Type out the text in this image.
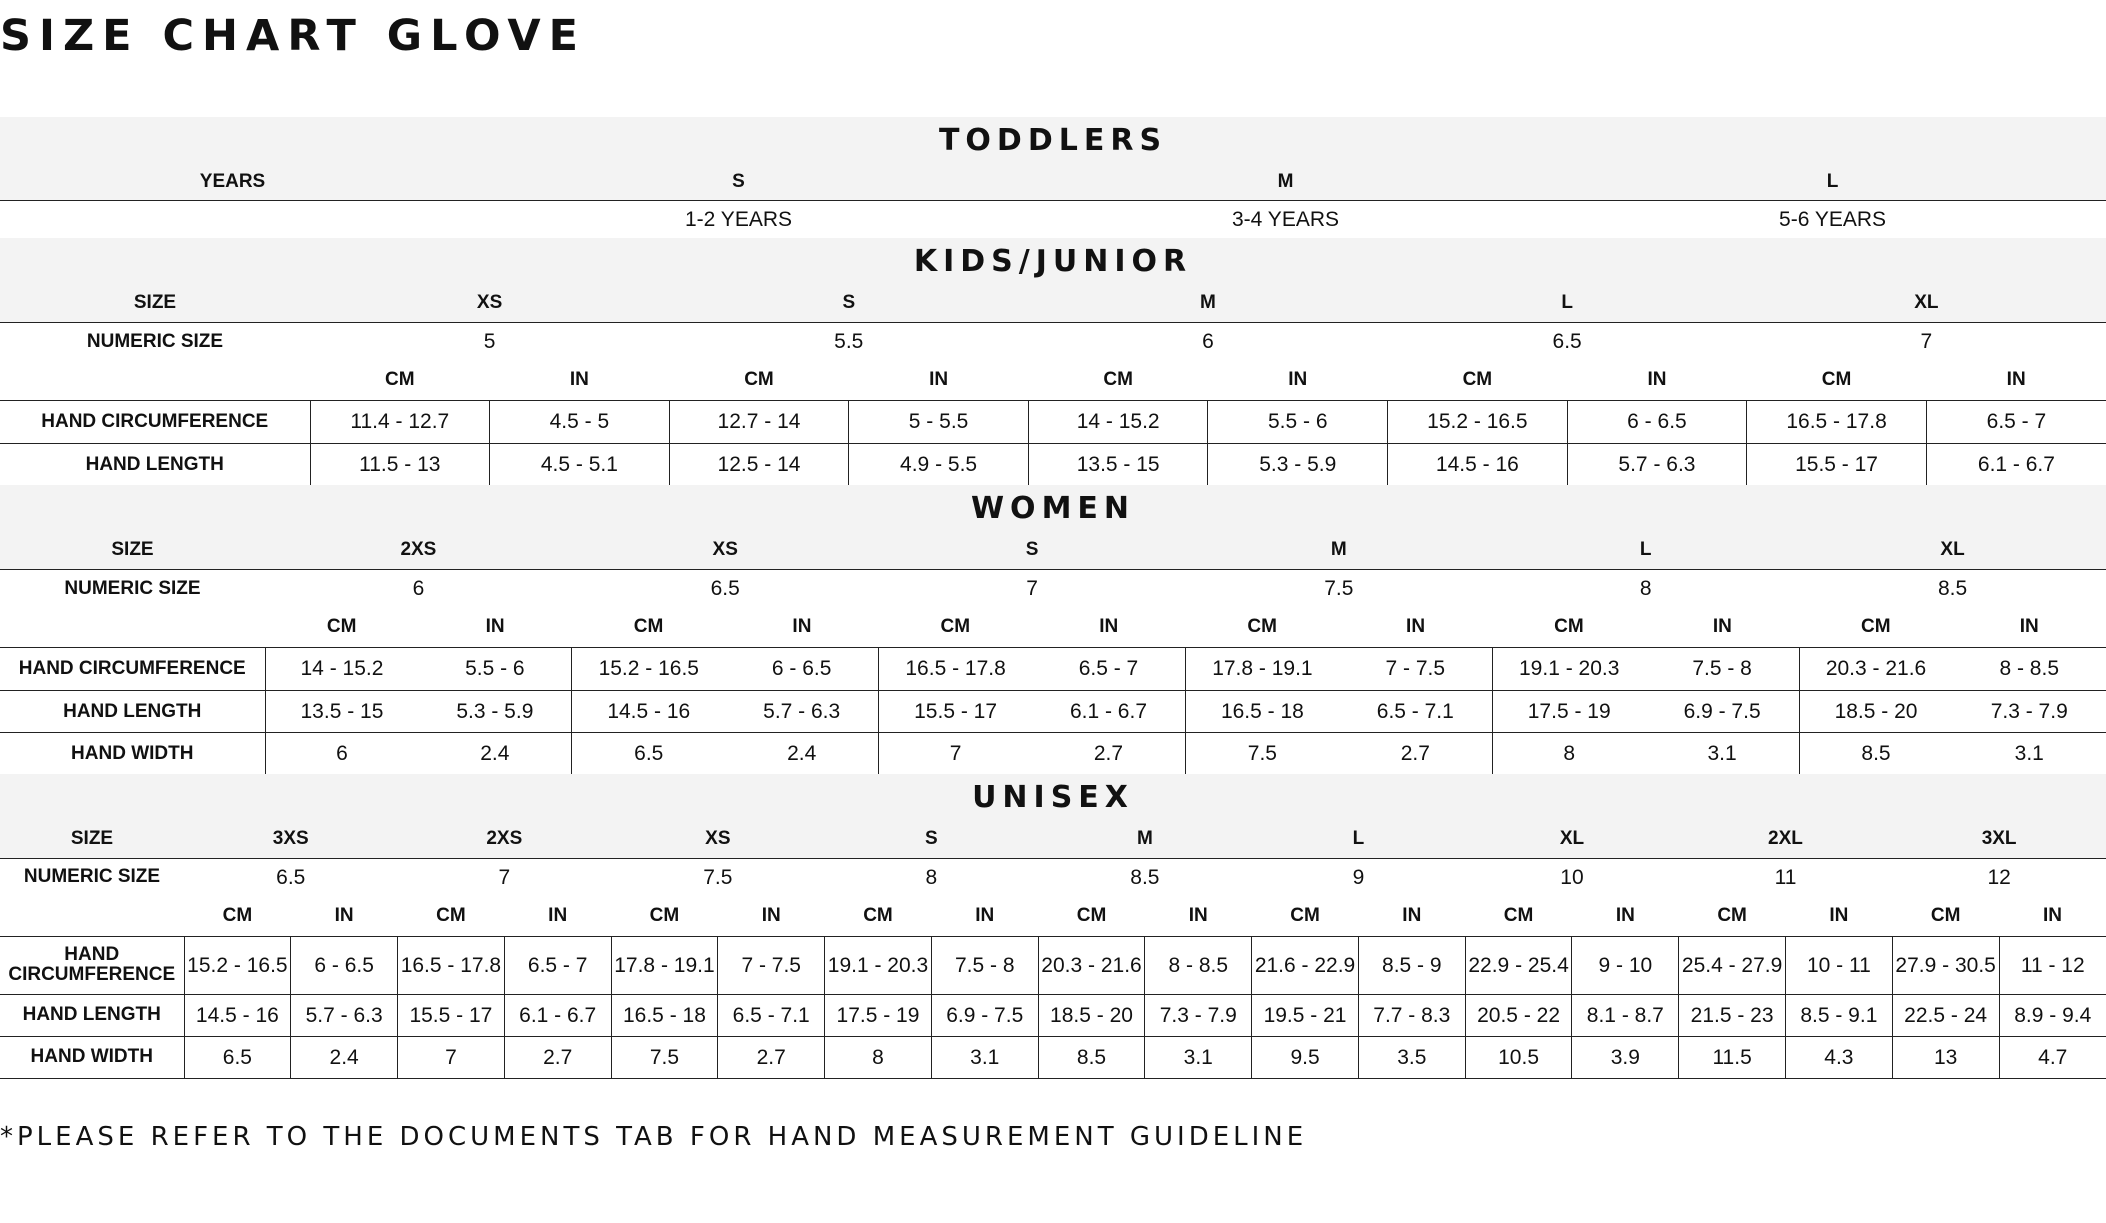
SIZE CHART GLOVE
TODDLERS			
YEARS	S	M	L
	1-2 YEARS	3-4 YEARS	5-6 YEARS
KIDS/JUNIOR										
SIZE	XS		S		M		L		XL	
NUMERIC SIZE	5		5.5		6		6.5		7	
	CM	IN	CM	IN	CM	IN	CM	IN	CM	IN
HAND CIRCUMFERENCE	11.4 - 12.7	4.5 - 5	12.7 - 14	5 - 5.5	14 - 15.2	5.5 - 6	15.2 - 16.5	6 - 6.5	16.5 - 17.8	6.5 - 7
HAND LENGTH	11.5 - 13	4.5 - 5.1	12.5 - 14	4.9 - 5.5	13.5 - 15	5.3 - 5.9	14.5 - 16	5.7 - 6.3	15.5 - 17	6.1 - 6.7
WOMEN												
SIZE	2XS		XS		S		M		L		XL	
NUMERIC SIZE	6		6.5		7		7.5		8		8.5	
	CM	IN	CM	IN	CM	IN	CM	IN	CM	IN	CM	IN
HAND CIRCUMFERENCE	14 - 15.2	5.5 - 6	15.2 - 16.5	6 - 6.5	16.5 - 17.8	6.5 - 7	17.8 - 19.1	7 - 7.5	19.1 - 20.3	7.5 - 8	20.3 - 21.6	8 - 8.5
HAND LENGTH	13.5 - 15	5.3 - 5.9	14.5 - 16	5.7 - 6.3	15.5 - 17	6.1 - 6.7	16.5 - 18	6.5 - 7.1	17.5 - 19	6.9 - 7.5	18.5 - 20	7.3 - 7.9
HAND WIDTH	6	2.4	6.5	2.4	7	2.7	7.5	2.7	8	3.1	8.5	3.1
UNISEX																		
SIZE	3XS		2XS		XS		S		M		L		XL		2XL		3XL	
NUMERIC SIZE	6.5		7		7.5		8		8.5		9		10		11		12	
	CM	IN	CM	IN	CM	IN	CM	IN	CM	IN	CM	IN	CM	IN	CM	IN	CM	IN
HAND CIRCUMFERENCE	15.2 - 16.5	6 - 6.5	16.5 - 17.8	6.5 - 7	17.8 - 19.1	7 - 7.5	19.1 - 20.3	7.5 - 8	20.3 - 21.6	8 - 8.5	21.6 - 22.9	8.5 - 9	22.9 - 25.4	9 - 10	25.4 - 27.9	10 - 11	27.9 - 30.5	11 - 12
HAND LENGTH	14.5 - 16	5.7 - 6.3	15.5 - 17	6.1 - 6.7	16.5 - 18	6.5 - 7.1	17.5 - 19	6.9 - 7.5	18.5 - 20	7.3 - 7.9	19.5 - 21	7.7 - 8.3	20.5 - 22	8.1 - 8.7	21.5 - 23	8.5 - 9.1	22.5 - 24	8.9 - 9.4
HAND WIDTH	6.5	2.4	7	2.7	7.5	2.7	8	3.1	8.5	3.1	9.5	3.5	10.5	3.9	11.5	4.3	13	4.7

*PLEASE REFER TO THE DOCUMENTS TAB FOR HAND MEASUREMENT GUIDELINE
